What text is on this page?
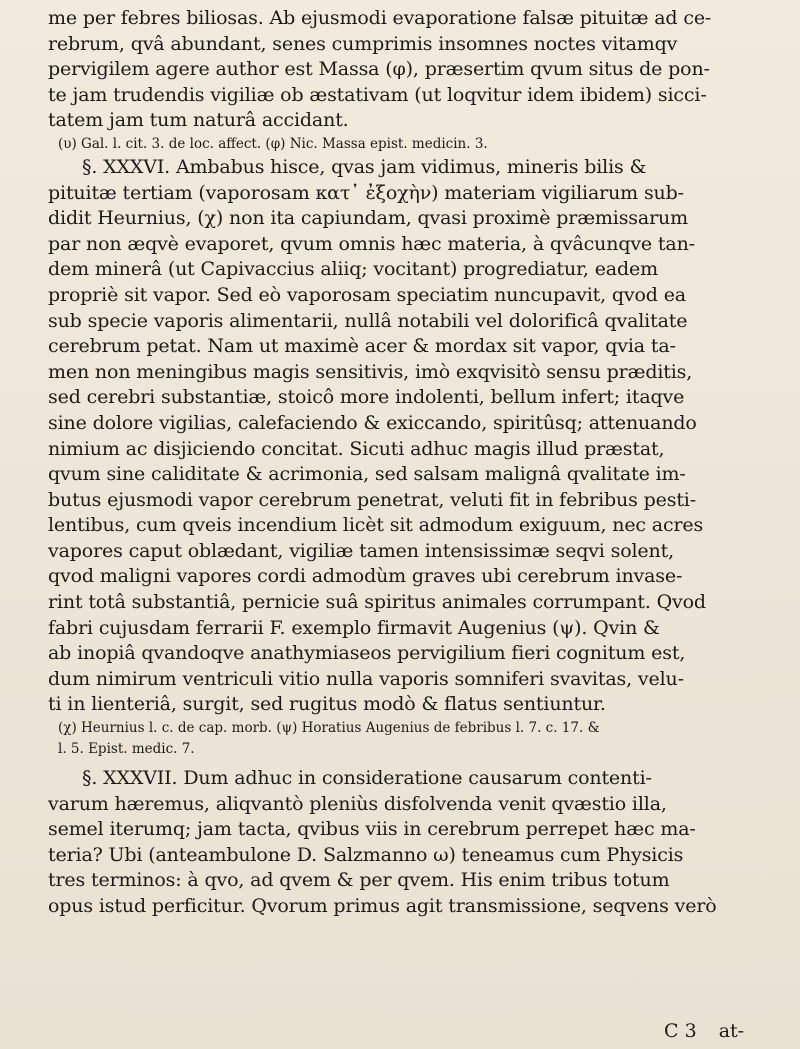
me per febres biliosas. Ab ejusmodi evaporatione falsæ pituitæ ad ce-
rebrum, qvâ abundant, senes cumprimis insomnes noctes vitamqv
pervigilem agere author est Massa (φ), præsertim qvum situs de pon-
te jam trudendis vigiliæ ob æstativam (ut loqvitur idem ibidem) sicci-
tatem jam tum naturâ accidant.
(υ) Gal. l. cit. 3. de loc. affect. (φ) Nic. Massa epist. medicin. 3.
§. XXXVI. Ambabus hisce, qvas jam vidimus, mineris bilis &
pituitæ tertiam (vaporosam κατ᾽ ἐξοχὴν) materiam vigiliarum sub-
didit Heurnius, (χ) non ita capiundam, qvasi proximè præmissarum
par non æqvè evaporet, qvum omnis hæc materia, à qvâcunqve tan-
dem minerâ (ut Capivaccius aliiq; vocitant) progrediatur, eadem
propriè sit vapor. Sed eò vaporosam speciatim nuncupavit, qvod ea
sub specie vaporis alimentarii, nullâ notabili vel dolorificâ qvalitate
cerebrum petat. Nam ut maximè acer & mordax sit vapor, qvia ta-
men non meningibus magis sensitivis, imò exqvisitò sensu præditis,
sed cerebri substantiæ, stoicô more indolenti, bellum infert; itaqve
sine dolore vigilias, calefaciendo & exiccando, spiritûsq; attenuando
nimium ac disjiciendo concitat. Sicuti adhuc magis illud præstat,
qvum sine caliditate & acrimonia, sed salsam malignâ qvalitate im-
butus ejusmodi vapor cerebrum penetrat, veluti fit in febribus pesti-
lentibus, cum qveis incendium licèt sit admodum exiguum, nec acres
vapores caput oblædant, vigiliæ tamen intensissimæ seqvi solent,
qvod maligni vapores cordi admodùm graves ubi cerebrum invase-
rint totâ substantiâ, pernicie suâ spiritus animales corrumpant. Qvod
fabri cujusdam ferrarii F. exemplo firmavit Augenius (ψ). Qvin &
ab inopiâ qvandoqve anathymiaseos pervigilium fieri cognitum est,
dum nimirum ventriculi vitio nulla vaporis somniferi svavitas, velu-
ti in lienteriâ, surgit, sed rugitus modò & flatus sentiuntur.
(χ) Heurnius l. c. de cap. morb. (ψ) Horatius Augenius de febribus l. 7. c. 17. &
l. 5. Epist. medic. 7.
§. XXXVII. Dum adhuc in consideratione causarum contenti-
varum hæremus, aliqvantò pleniùs disfolvenda venit qvæstio illa,
semel iterumq; jam tacta, qvibus viis in cerebrum perrepet hæc ma-
teria? Ubi (anteambulone D. Salzmanno ω) teneamus cum Physicis
tres terminos: à qvo, ad qvem & per qvem. His enim tribus totum
opus istud perficitur. Qvorum primus agit transmissione, seqvens verò
C 3 at-
